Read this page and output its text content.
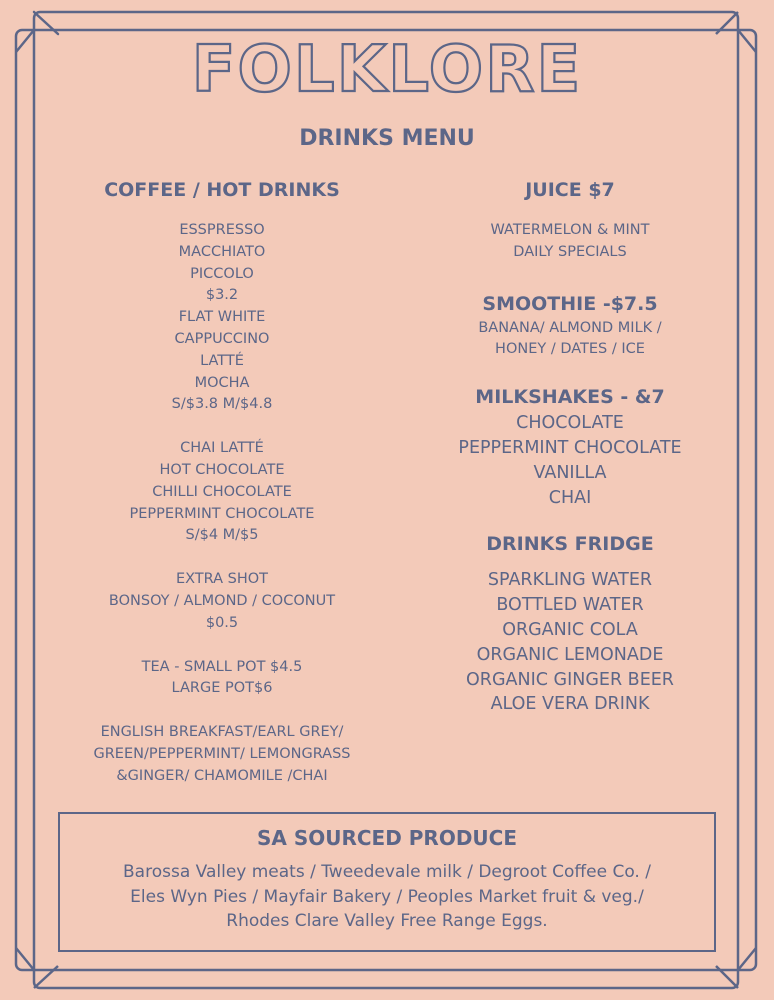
FOLKLORE
DRINKS MENU
COFFEE / HOT DRINKS
ESSPRESSO
MACCHIATO
PICCOLO
$3.2
FLAT WHITE
CAPPUCCINO
LATTÉ
MOCHA
S/$3.8 M/$4.8
CHAI LATTÉ
HOT CHOCOLATE
CHILLI CHOCOLATE
PEPPERMINT CHOCOLATE
S/$4 M/$5
EXTRA SHOT
BONSOY / ALMOND / COCONUT
$0.5
TEA - SMALL POT $4.5
LARGE POT$6
ENGLISH BREAKFAST/EARL GREY/
GREEN/PEPPERMINT/ LEMONGRASS
&GINGER/ CHAMOMILE /CHAI
JUICE $7
WATERMELON & MINT
DAILY SPECIALS
SMOOTHIE -$7.5
BANANA/ ALMOND MILK /
HONEY / DATES / ICE
MILKSHAKES - &7
CHOCOLATE
PEPPERMINT CHOCOLATE
VANILLA
CHAI
DRINKS FRIDGE
SPARKLING WATER
BOTTLED WATER
ORGANIC COLA
ORGANIC LEMONADE
ORGANIC GINGER BEER
ALOE VERA DRINK
SA SOURCED PRODUCE
Barossa Valley meats / Tweedevale milk / Degroot Coffee Co. /
Eles Wyn Pies / Mayfair Bakery / Peoples Market fruit & veg./
Rhodes Clare Valley Free Range Eggs.
